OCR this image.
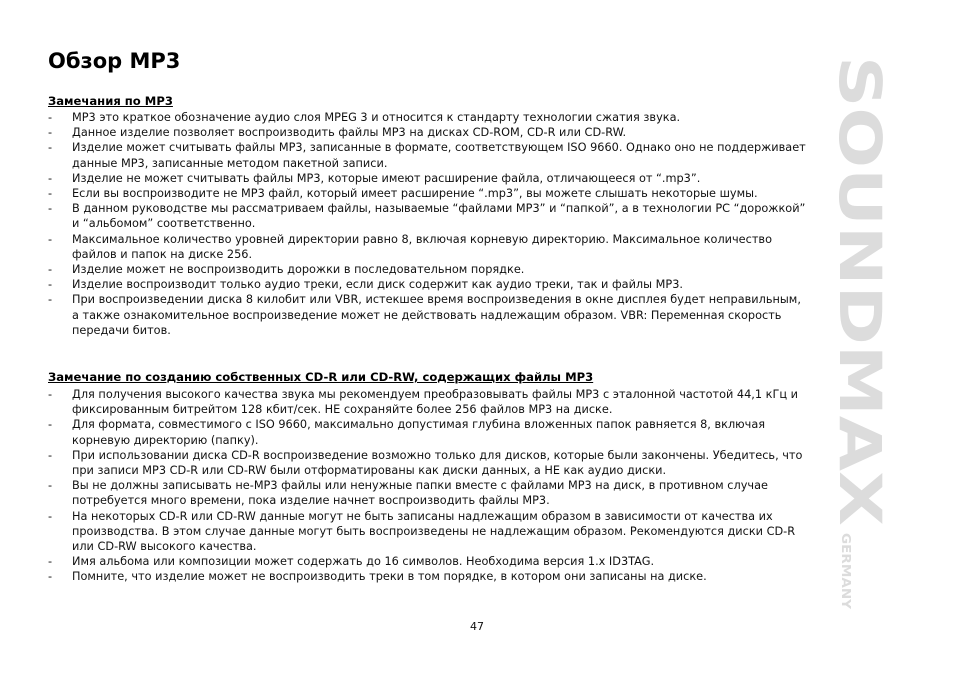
Обзор MP3
Замечания по MP3
- MP3 это краткое обозначение аудио слоя MPEG 3 и относится к стандарту технологии сжатия звука.
- Данное изделие позволяет воспроизводить файлы MP3 на дисках CD-ROM, CD-R или CD-RW.
- Изделие может считывать файлы MP3, записанные в формате, соответствующем ISO 9660. Однако оно не поддерживает данные MP3, записанные методом пакетной записи.
- Изделие не может считывать файлы MP3, которые имеют расширение файла, отличающееся от “.mp3”.
- Если вы воспроизводите не MP3 файл, который имеет расширение “.mp3”, вы можете слышать некоторые шумы.
- В данном руководстве мы рассматриваем файлы, называемые “файлами MP3” и “папкой”, а в технологии PC “дорожкой” и “альбомом” соответственно.
- Максимальное количество уровней директории равно 8, включая корневую директорию. Максимальное количество файлов и папок на диске 256.
- Изделие может не воспроизводить дорожки в последовательном порядке.
- Изделие воспроизводит только аудио треки, если диск содержит как аудио треки, так и файлы MP3.
- При воспроизведении диска 8 килобит или VBR, истекшее время воспроизведения в окне дисплея будет неправильным, а также ознакомительное воспроизведение может не действовать надлежащим образом. VBR: Переменная скорость передачи битов.
Замечание по созданию собственных CD-R или CD-RW, содержащих файлы MP3
- Для получения высокого качества звука мы рекомендуем преобразовывать файлы MP3 с эталонной частотой 44,1 кГц и фиксированным битрейтом 128 кбит/сек. НЕ сохраняйте более 256 файлов MP3 на диске.
- Для формата, совместимого с ISO 9660, максимально допустимая глубина вложенных папок равняется 8, включая корневую директорию (папку).
- При использовании диска CD-R воспроизведение возможно только для дисков, которые были закончены. Убедитесь, что при записи MP3 CD-R или CD-RW были отформатированы как диски данных, а НЕ как аудио диски.
- Вы не должны записывать не-MP3 файлы или ненужные папки вместе с файлами MP3 на диск, в противном случае потребуется много времени, пока изделие начнет воспроизводить файлы MP3.
- На некоторых CD-R или CD-RW данные могут не быть записаны надлежащим образом в зависимости от качества их производства. В этом случае данные могут быть воспроизведены не надлежащим образом. Рекомендуются диски CD-R или CD-RW высокого качества.
- Имя альбома или композиции может содержать до 16 символов. Необходима версия 1.x ID3TAG.
- Помните, что изделие может не воспроизводить треки в том порядке, в котором они записаны на диске.
47
SOUNDMAX
GERMANY
